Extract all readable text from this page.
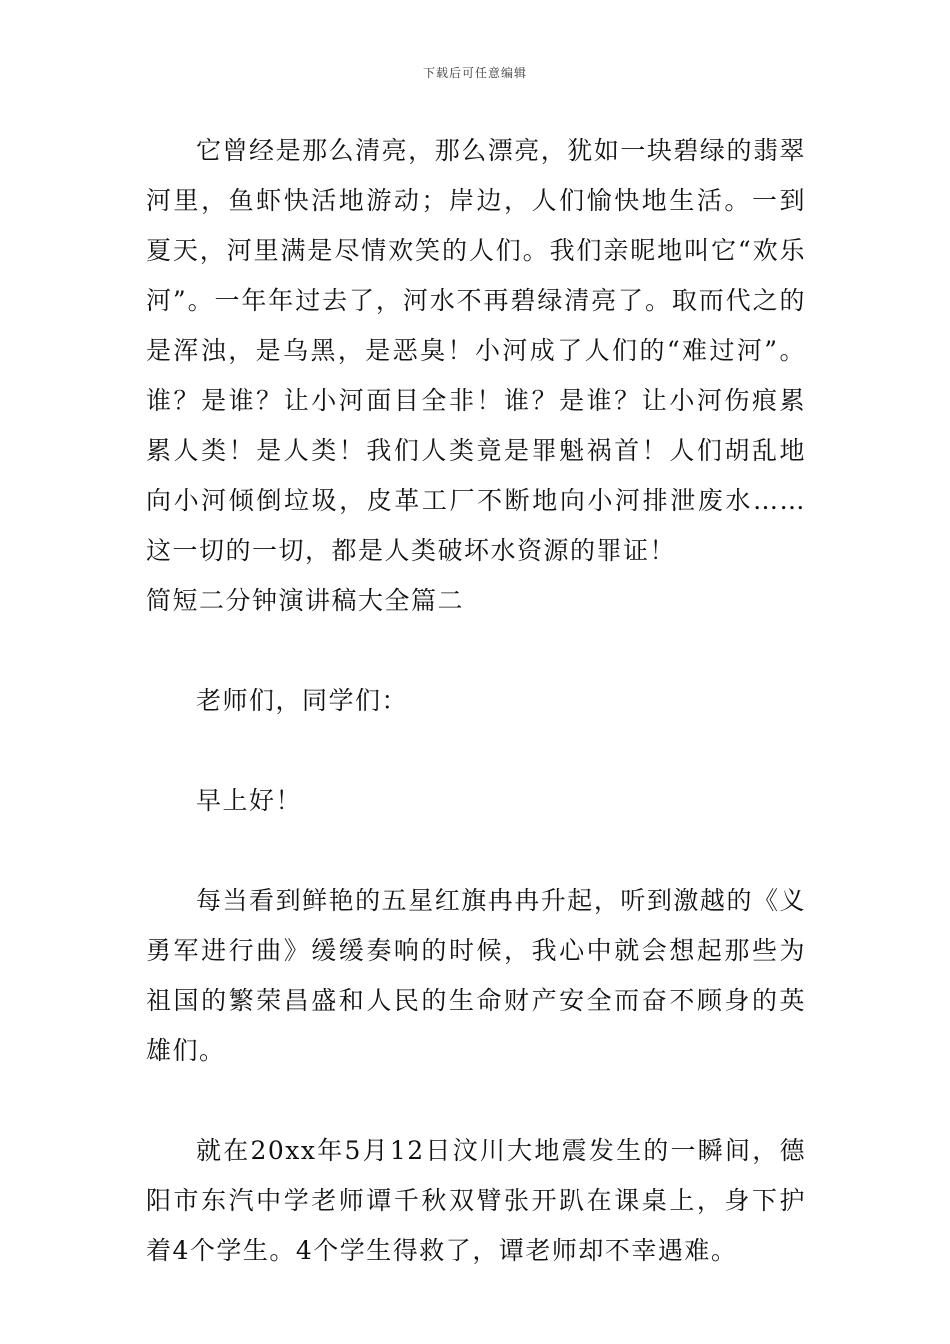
下载后可任意编辑

它曾经是那么清亮，那么漂亮，犹如一块碧绿的翡翠河里，鱼虾快活地游动；岸边，人们愉快地生活。一到夏天，河里满是尽情欢笑的人们。我们亲昵地叫它“欢乐河”。一年年过去了，河水不再碧绿清亮了。取而代之的是浑浊，是乌黑，是恶臭！小河成了人们的“难过河”。谁？是谁？让小河面目全非！谁？是谁？让小河伤痕累累人类！是人类！我们人类竟是罪魁祸首！人们胡乱地向小河倾倒垃圾，皮革工厂不断地向小河排泄废水……这一切的一切，都是人类破坏水资源的罪证！

简短二分钟演讲稿大全篇二

老师们，同学们：

早上好！

每当看到鲜艳的五星红旗冉冉升起，听到激越的《义勇军进行曲》缓缓奏响的时候，我心中就会想起那些为祖国的繁荣昌盛和人民的生命财产安全而奋不顾身的英雄们。

就在20xx年5月12日汶川大地震发生的一瞬间，德阳市东汽中学老师谭千秋双臂张开趴在课桌上，身下护着4个学生。4个学生得救了，谭老师却不幸遇难。
